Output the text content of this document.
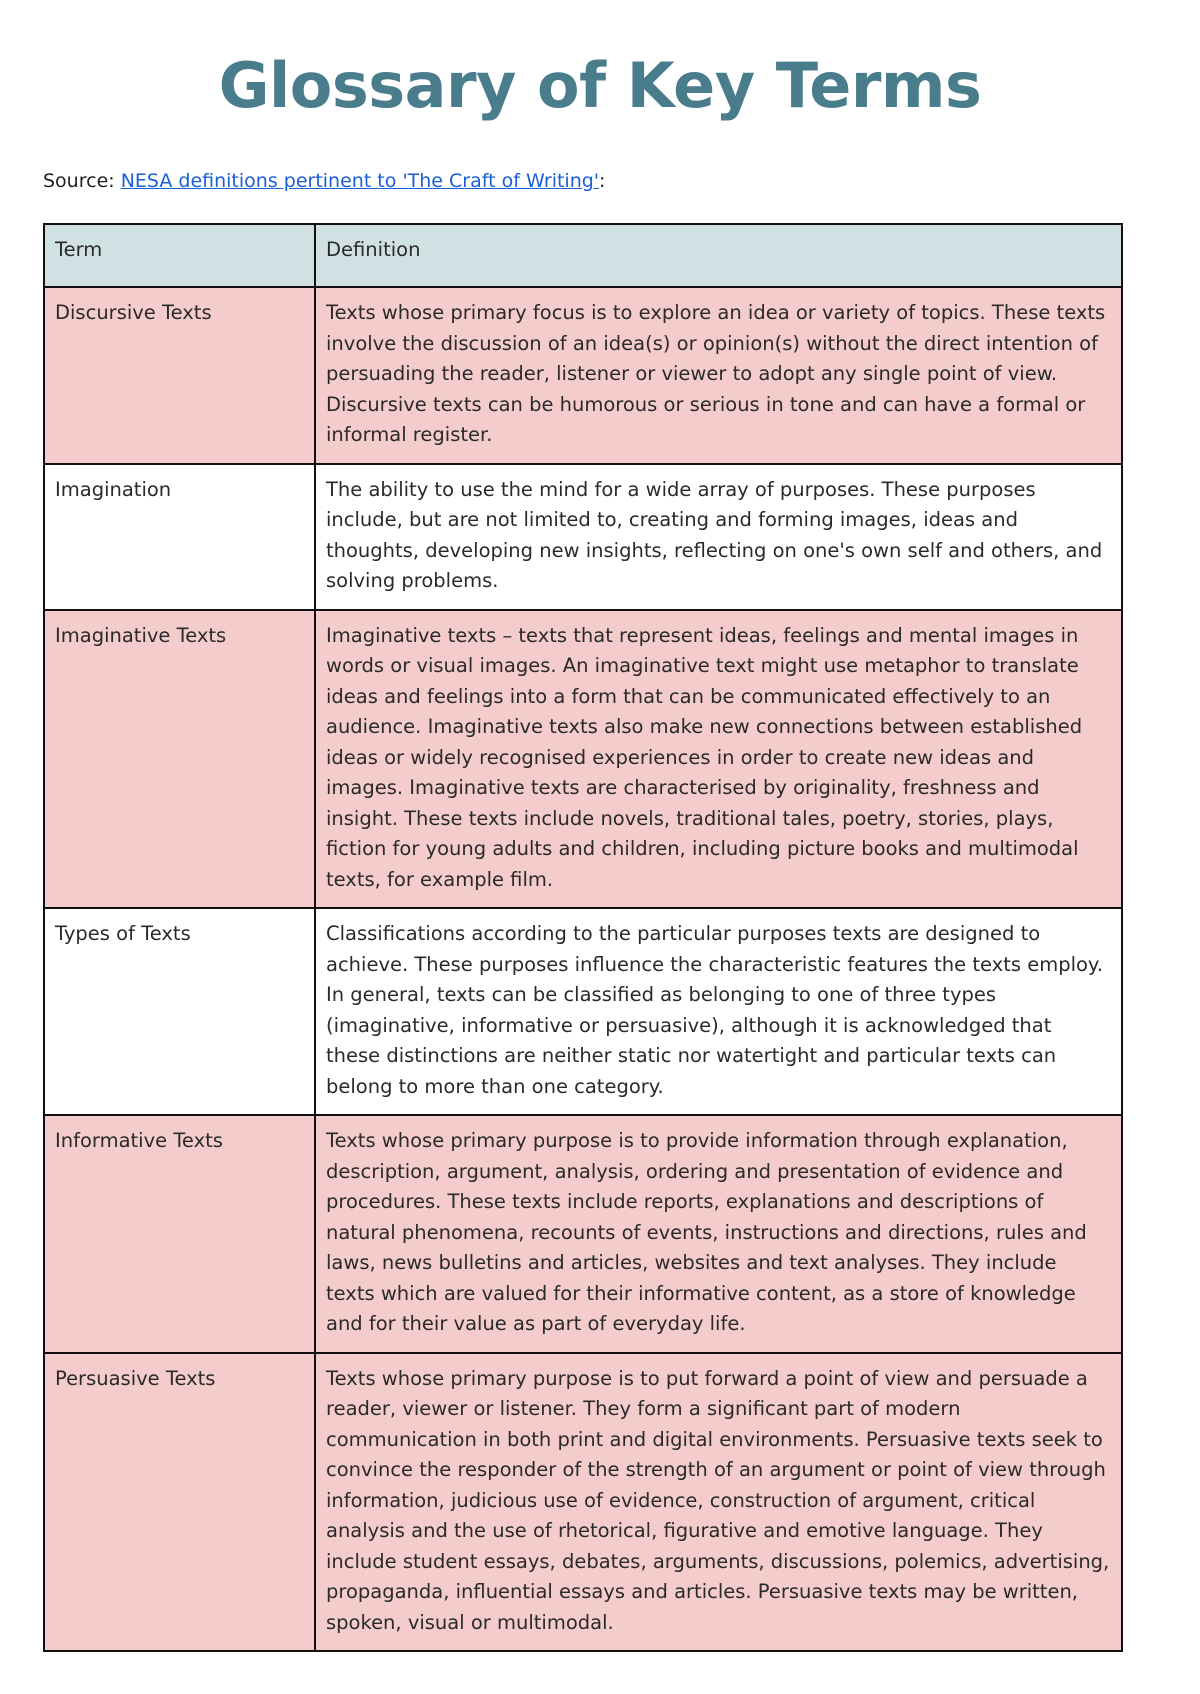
Glossary of Key Terms
Source: NESA definitions pertinent to 'The Craft of Writing':
Term	Definition
Discursive Texts	Texts whose primary focus is to explore an idea or variety of topics. These texts involve the discussion of an idea(s) or opinion(s) without the direct intention of persuading the reader, listener or viewer to adopt any single point of view. Discursive texts can be humorous or serious in tone and can have a formal or informal register.
Imagination	The ability to use the mind for a wide array of purposes. These purposes include, but are not limited to, creating and forming images, ideas and thoughts, developing new insights, reflecting on one's own self and others, and solving problems.
Imaginative Texts	Imaginative texts – texts that represent ideas, feelings and mental images in words or visual images. An imaginative text might use metaphor to translate ideas and feelings into a form that can be communicated effectively to an audience. Imaginative texts also make new connections between established ideas or widely recognised experiences in order to create new ideas and images. Imaginative texts are characterised by originality, freshness and insight. These texts include novels, traditional tales, poetry, stories, plays, fiction for young adults and children, including picture books and multimodal texts, for example film.
Types of Texts	Classifications according to the particular purposes texts are designed to achieve. These purposes influence the characteristic features the texts employ. In general, texts can be classified as belonging to one of three types (imaginative, informative or persuasive), although it is acknowledged that these distinctions are neither static nor watertight and particular texts can belong to more than one category.
Informative Texts	Texts whose primary purpose is to provide information through explanation, description, argument, analysis, ordering and presentation of evidence and procedures. These texts include reports, explanations and descriptions of natural phenomena, recounts of events, instructions and directions, rules and laws, news bulletins and articles, websites and text analyses. They include texts which are valued for their informative content, as a store of knowledge and for their value as part of everyday life.
Persuasive Texts	Texts whose primary purpose is to put forward a point of view and persuade a reader, viewer or listener. They form a significant part of modern communication in both print and digital environments. Persuasive texts seek to convince the responder of the strength of an argument or point of view through information, judicious use of evidence, construction of argument, critical analysis and the use of rhetorical, figurative and emotive language. They include student essays, debates, arguments, discussions, polemics, advertising, propaganda, influential essays and articles. Persuasive texts may be written, spoken, visual or multimodal.
